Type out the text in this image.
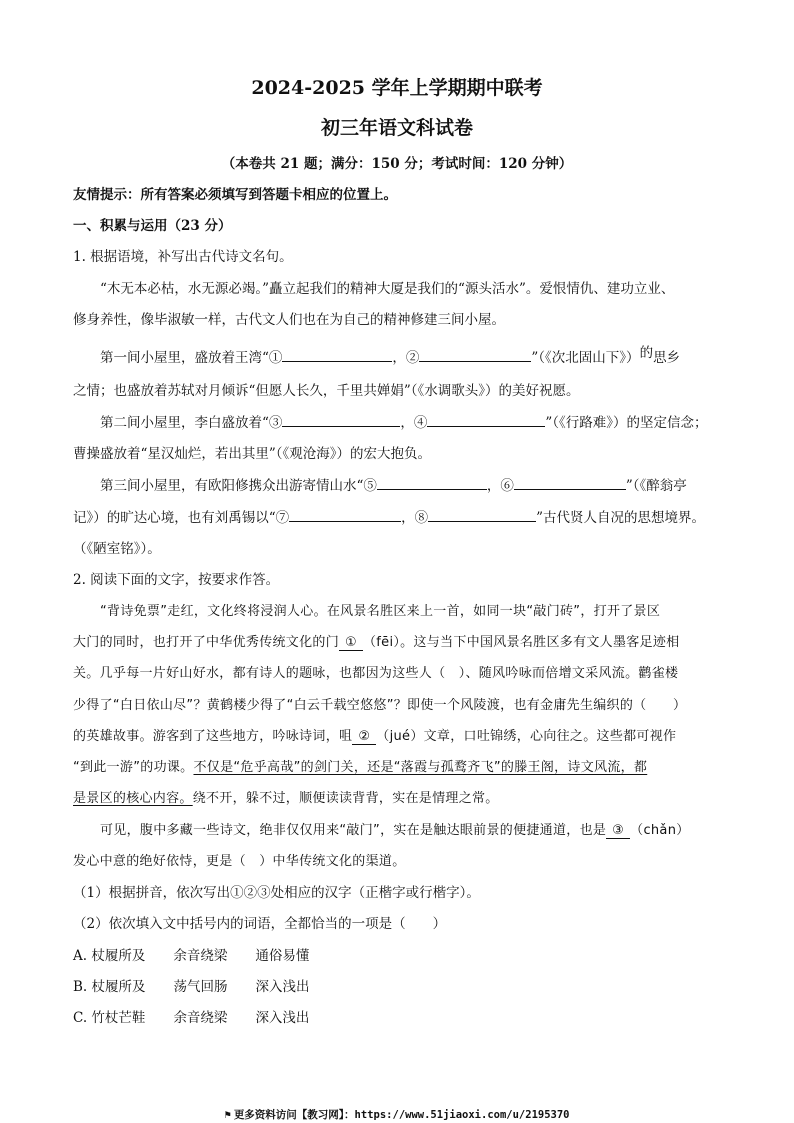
2024-2025 学年上学期期中联考
初三年语文科试卷
（本卷共 21 题；满分：150 分；考试时间：120 分钟）
友情提示：所有答案必须填写到答题卡相应的位置上。
一、积累与运用（23 分）
1. 根据语境，补写出古代诗文名句。
“木无本必枯，水无源必竭。”矗立起我们的精神大厦是我们的“源头活水”。爱恨情仇、建功立业、
修身养性，像毕淑敏一样，古代文人们也在为自己的精神修建三间小屋。
第一间小屋里，盛放着王湾“①	，②	”（《次北固山下》）的思乡
之情；也盛放着苏轼对月倾诉“但愿人长久，千里共婵娟”（《水调歌头》）的美好祝愿。
第二间小屋里，李白盛放着“③	，④	”（《行路难》）的坚定信念；
曹操盛放着“星汉灿烂，若出其里”（《观沧海》）的宏大抱负。
第三间小屋里，有欧阳修携众出游寄情山水“⑤	，⑥	”（《醉翁亭
记》）的旷达心境，也有刘禹锡以“⑦	，⑧	”古代贤人自况的思想境界。
（《陋室铭》）。
2. 阅读下面的文字，按要求作答。
“背诗免票”走红，文化终将浸润人心。在风景名胜区来上一首，如同一块“敲门砖”，打开了景区
大门的同时，也打开了中华优秀传统文化的门 ① （fēi）。这与当下中国风景名胜区多有文人墨客足迹相
关。几乎每一片好山好水，都有诗人的题咏，也都因为这些人（　）、随风吟咏而倍增文采风流。鹳雀楼
少得了“白日依山尽”？黄鹤楼少得了“白云千载空悠悠”？即使一个风陵渡，也有金庸先生编织的（　　）
的英雄故事。游客到了这些地方，吟咏诗词，咀 ② （jué）文章，口吐锦绣，心向往之。这些都可视作
“到此一游”的功课。不仅是“危乎高哉”的剑门关，还是“落霞与孤鹜齐飞”的滕王阁，诗文风流，都
是景区的核心内容。绕不开，躲不过，顺便读读背背，实在是情理之常。
可见，腹中多藏一些诗文，绝非仅仅用来“敲门”，实在是触达眼前景的便捷通道，也是 ③ （chǎn）
发心中意的绝好依恃，更是（　）中华传统文化的渠道。
（1）根据拼音，依次写出①②③处相应的汉字（正楷字或行楷字）。
（2）依次填入文中括号内的词语，全都恰当的一项是（　　）
A. 杖履所及 余音绕梁 通俗易懂
B. 杖履所及 荡气回肠 深入浅出
C. 竹杖芒鞋 余音绕梁 深入浅出
⚑ 更多资料访问【教习网】：https://www.51jiaoxi.com/u/2195370
